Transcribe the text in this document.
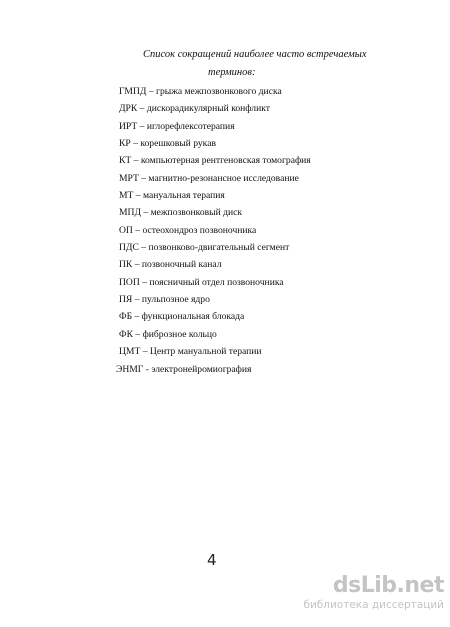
Список сокращений наиболее часто встречаемых
терминов:
ГМПД – грыжа межпозвонкового диска
ДРК – дискорадикулярный конфликт
ИРТ – иглорефлексотерапия
КР – корешковый рукав
КТ – компьютерная рентгеновская томография
МРТ – магнитно-резонансное исследование
МТ – мануальная терапия
МПД – межпозвонковый диск
ОП – остеохондроз позвоночника
ПДС – позвонково-двигательный сегмент
ПК – позвоночный канал
ПОП – поясничный отдел позвоночника
ПЯ – пульпозное ядро
ФБ – функциональная блокада
ФК – фиброзное кольцо
ЦМТ – Центр мануальной терапии
ЭНМГ - электронейромиография
4
dsLib.net
библиотека диссертаций
